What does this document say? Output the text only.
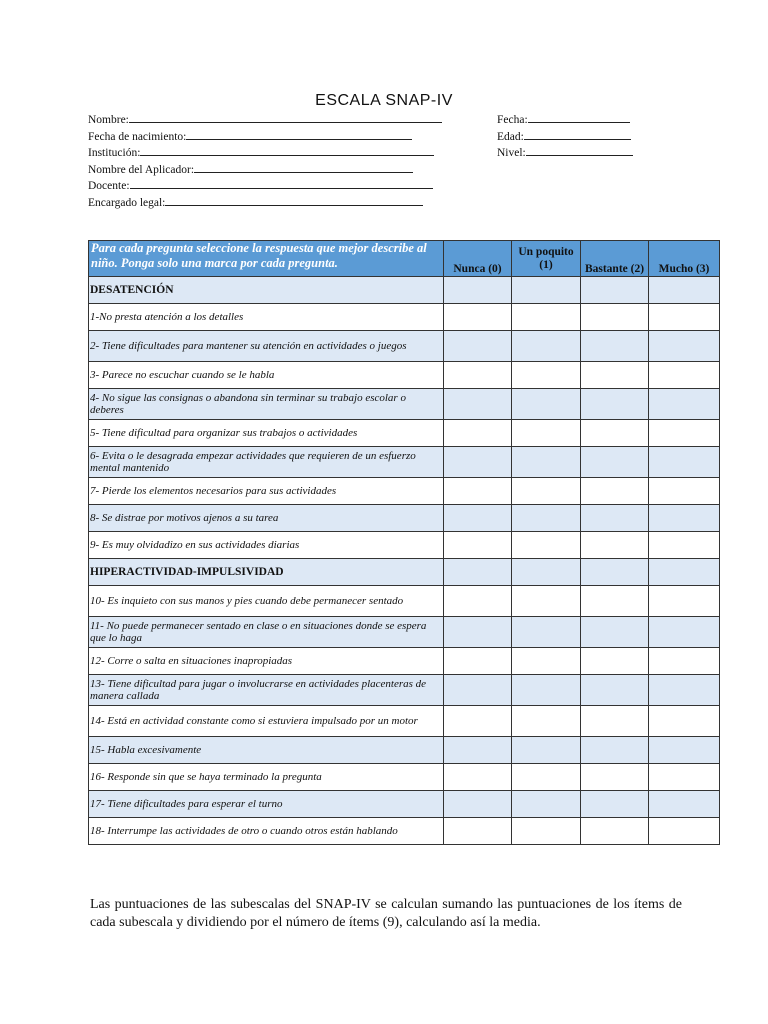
ESCALA SNAP-IV
Nombre:
Fecha de nacimiento:
Institución:
Nombre del Aplicador:
Docente:
Encargado legal:
Fecha:
Edad:
Nivel:
Para cada pregunta seleccione la respuesta que mejor describe al niño. Ponga solo una marca por cada pregunta.	Nunca (0)	Un poquito (1)	Bastante (2)	Mucho (3)
DESATENCIÓN				
1-No presta atención a los detalles				
2- Tiene dificultades para mantener su atención en actividades o juegos				
3- Parece no escuchar cuando se le habla				
4- No sigue las consignas o abandona sin terminar su trabajo escolar o deberes				
5- Tiene dificultad para organizar sus trabajos o actividades				
6- Evita o le desagrada empezar actividades que requieren de un esfuerzo mental mantenido				
7- Pierde los elementos necesarios para sus actividades				
8- Se distrae por motivos ajenos a su tarea				
9- Es muy olvidadizo en sus actividades diarias				
HIPERACTIVIDAD-IMPULSIVIDAD				
10- Es inquieto con sus manos y pies cuando debe permanecer sentado				
11- No puede permanecer sentado en clase o en situaciones donde se espera que lo haga				
12- Corre o salta en situaciones inapropiadas				
13- Tiene dificultad para jugar o involucrarse en actividades placenteras de manera callada				
14- Está en actividad constante como si estuviera impulsado por un motor				
15- Habla excesivamente				
16- Responde sin que se haya terminado la pregunta				
17- Tiene dificultades para esperar el turno				
18- Interrumpe las actividades de otro o cuando otros están hablando				
Las puntuaciones de las subescalas del SNAP-IV se calculan sumando las puntuaciones de los ítems de cada subescala y dividiendo por el número de ítems (9), calculando así la media.
